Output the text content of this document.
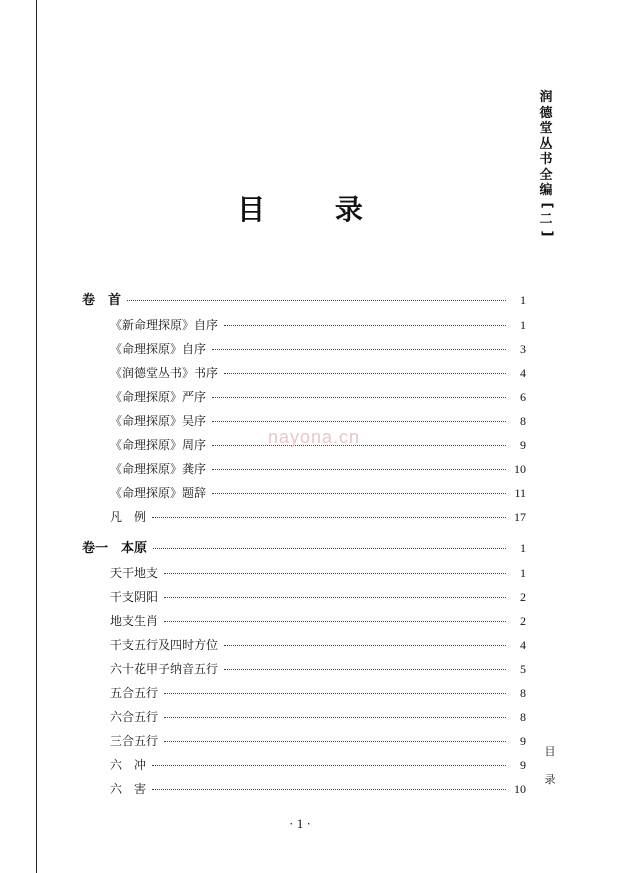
润
德
堂
丛
书
全
编
[
二
]
目 录
卷　首	1
《新命理探原》自序	1
《命理探原》自序	3
《润德堂丛书》书序	4
《命理探原》严序	6
《命理探原》吴序	8
《命理探原》周序	9
《命理探原》龚序	10
《命理探原》题辞	11
凡　例	17
卷一　本原	1
天干地支	1
干支阴阳	2
地支生肖	2
干支五行及四时方位	4
六十花甲子纳音五行	5
五合五行	8
六合五行	8
三合五行	9
六　冲	9
六　害	10
nayona.cn
目
录
· 1 ·
